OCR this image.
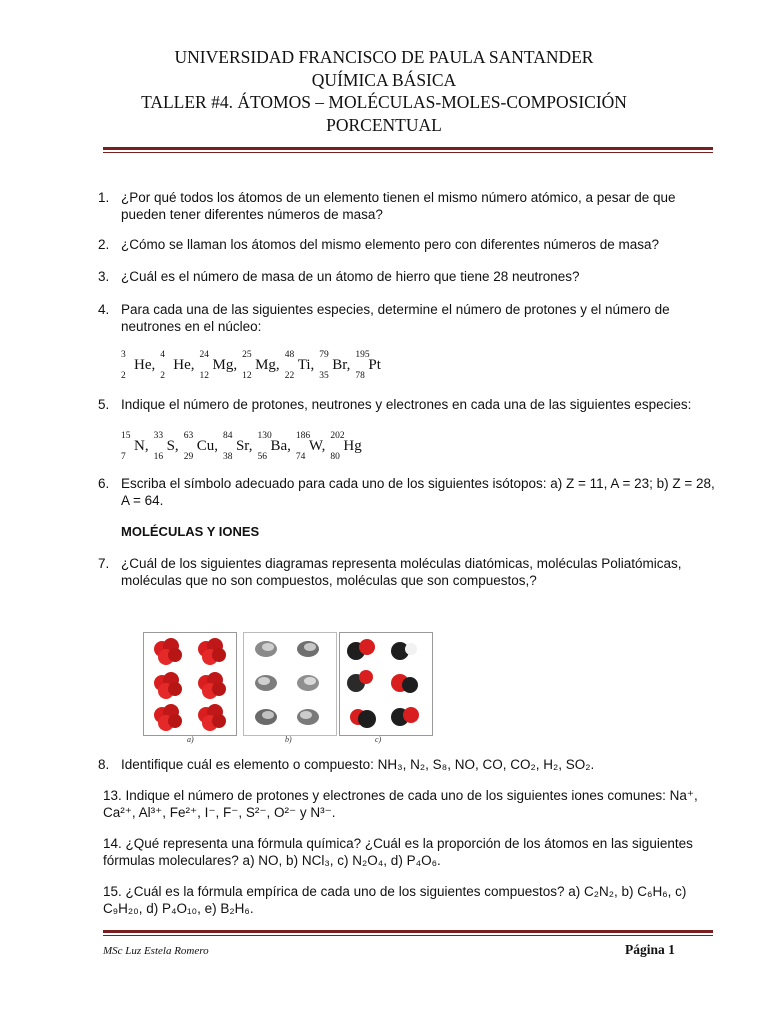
UNIVERSIDAD FRANCISCO DE PAULA SANTANDER
QUÍMICA BÁSICA
TALLER #4. ÁTOMOS – MOLÉCULAS-MOLES-COMPOSICIÓN
PORCENTUAL
1. ¿Por qué todos los átomos de un elemento tienen el mismo número atómico, a pesar de que pueden tener diferentes números de masa?
2. ¿Cómo se llaman los átomos del mismo elemento pero con diferentes números de masa?
3. ¿Cuál es el número de masa de un átomo de hierro que tiene 28 neutrones?
4. Para cada una de las siguientes especies, determine el número de protones y el número de neutrones en el núcleo:
3
2
He,
4
2
He,
24
12
Mg,
25
12
Mg,
48
22
Ti,
79
35
Br,
195
78
Pt
5. Indique el número de protones, neutrones y electrones en cada una de las siguientes especies:
15
7
N,
33
16
S,
63
29
Cu,
84
38
Sr,
130
56
Ba,
186
74
W,
202
80
Hg
6. Escriba el símbolo adecuado para cada uno de los siguientes isótopos: a) Z = 11, A = 23; b) Z = 28, A = 64.
MOLÉCULAS Y IONES
7. ¿Cuál de los siguientes diagramas representa moléculas diatómicas, moléculas Poliatómicas, moléculas que no son compuestos, moléculas que son compuestos,?
a)	b)	c)
8. Identifique cuál es elemento o compuesto: NH₃, N₂, S₈, NO, CO, CO₂, H₂, SO₂.
13. Indique el número de protones y electrones de cada uno de los siguientes iones comunes: Na⁺, Ca²⁺, Al³⁺, Fe²⁺, I⁻, F⁻, S²⁻, O²⁻ y N³⁻.
14. ¿Qué representa una fórmula química? ¿Cuál es la proporción de los átomos en las siguientes fórmulas moleculares? a) NO, b) NCl₃, c) N₂O₄, d) P₄O₆.
15. ¿Cuál es la fórmula empírica de cada uno de los siguientes compuestos? a) C₂N₂, b) C₆H₆, c) C₉H₂₀, d) P₄O₁₀, e) B₂H₆.
MSc Luz Estela Romero	Página 1
